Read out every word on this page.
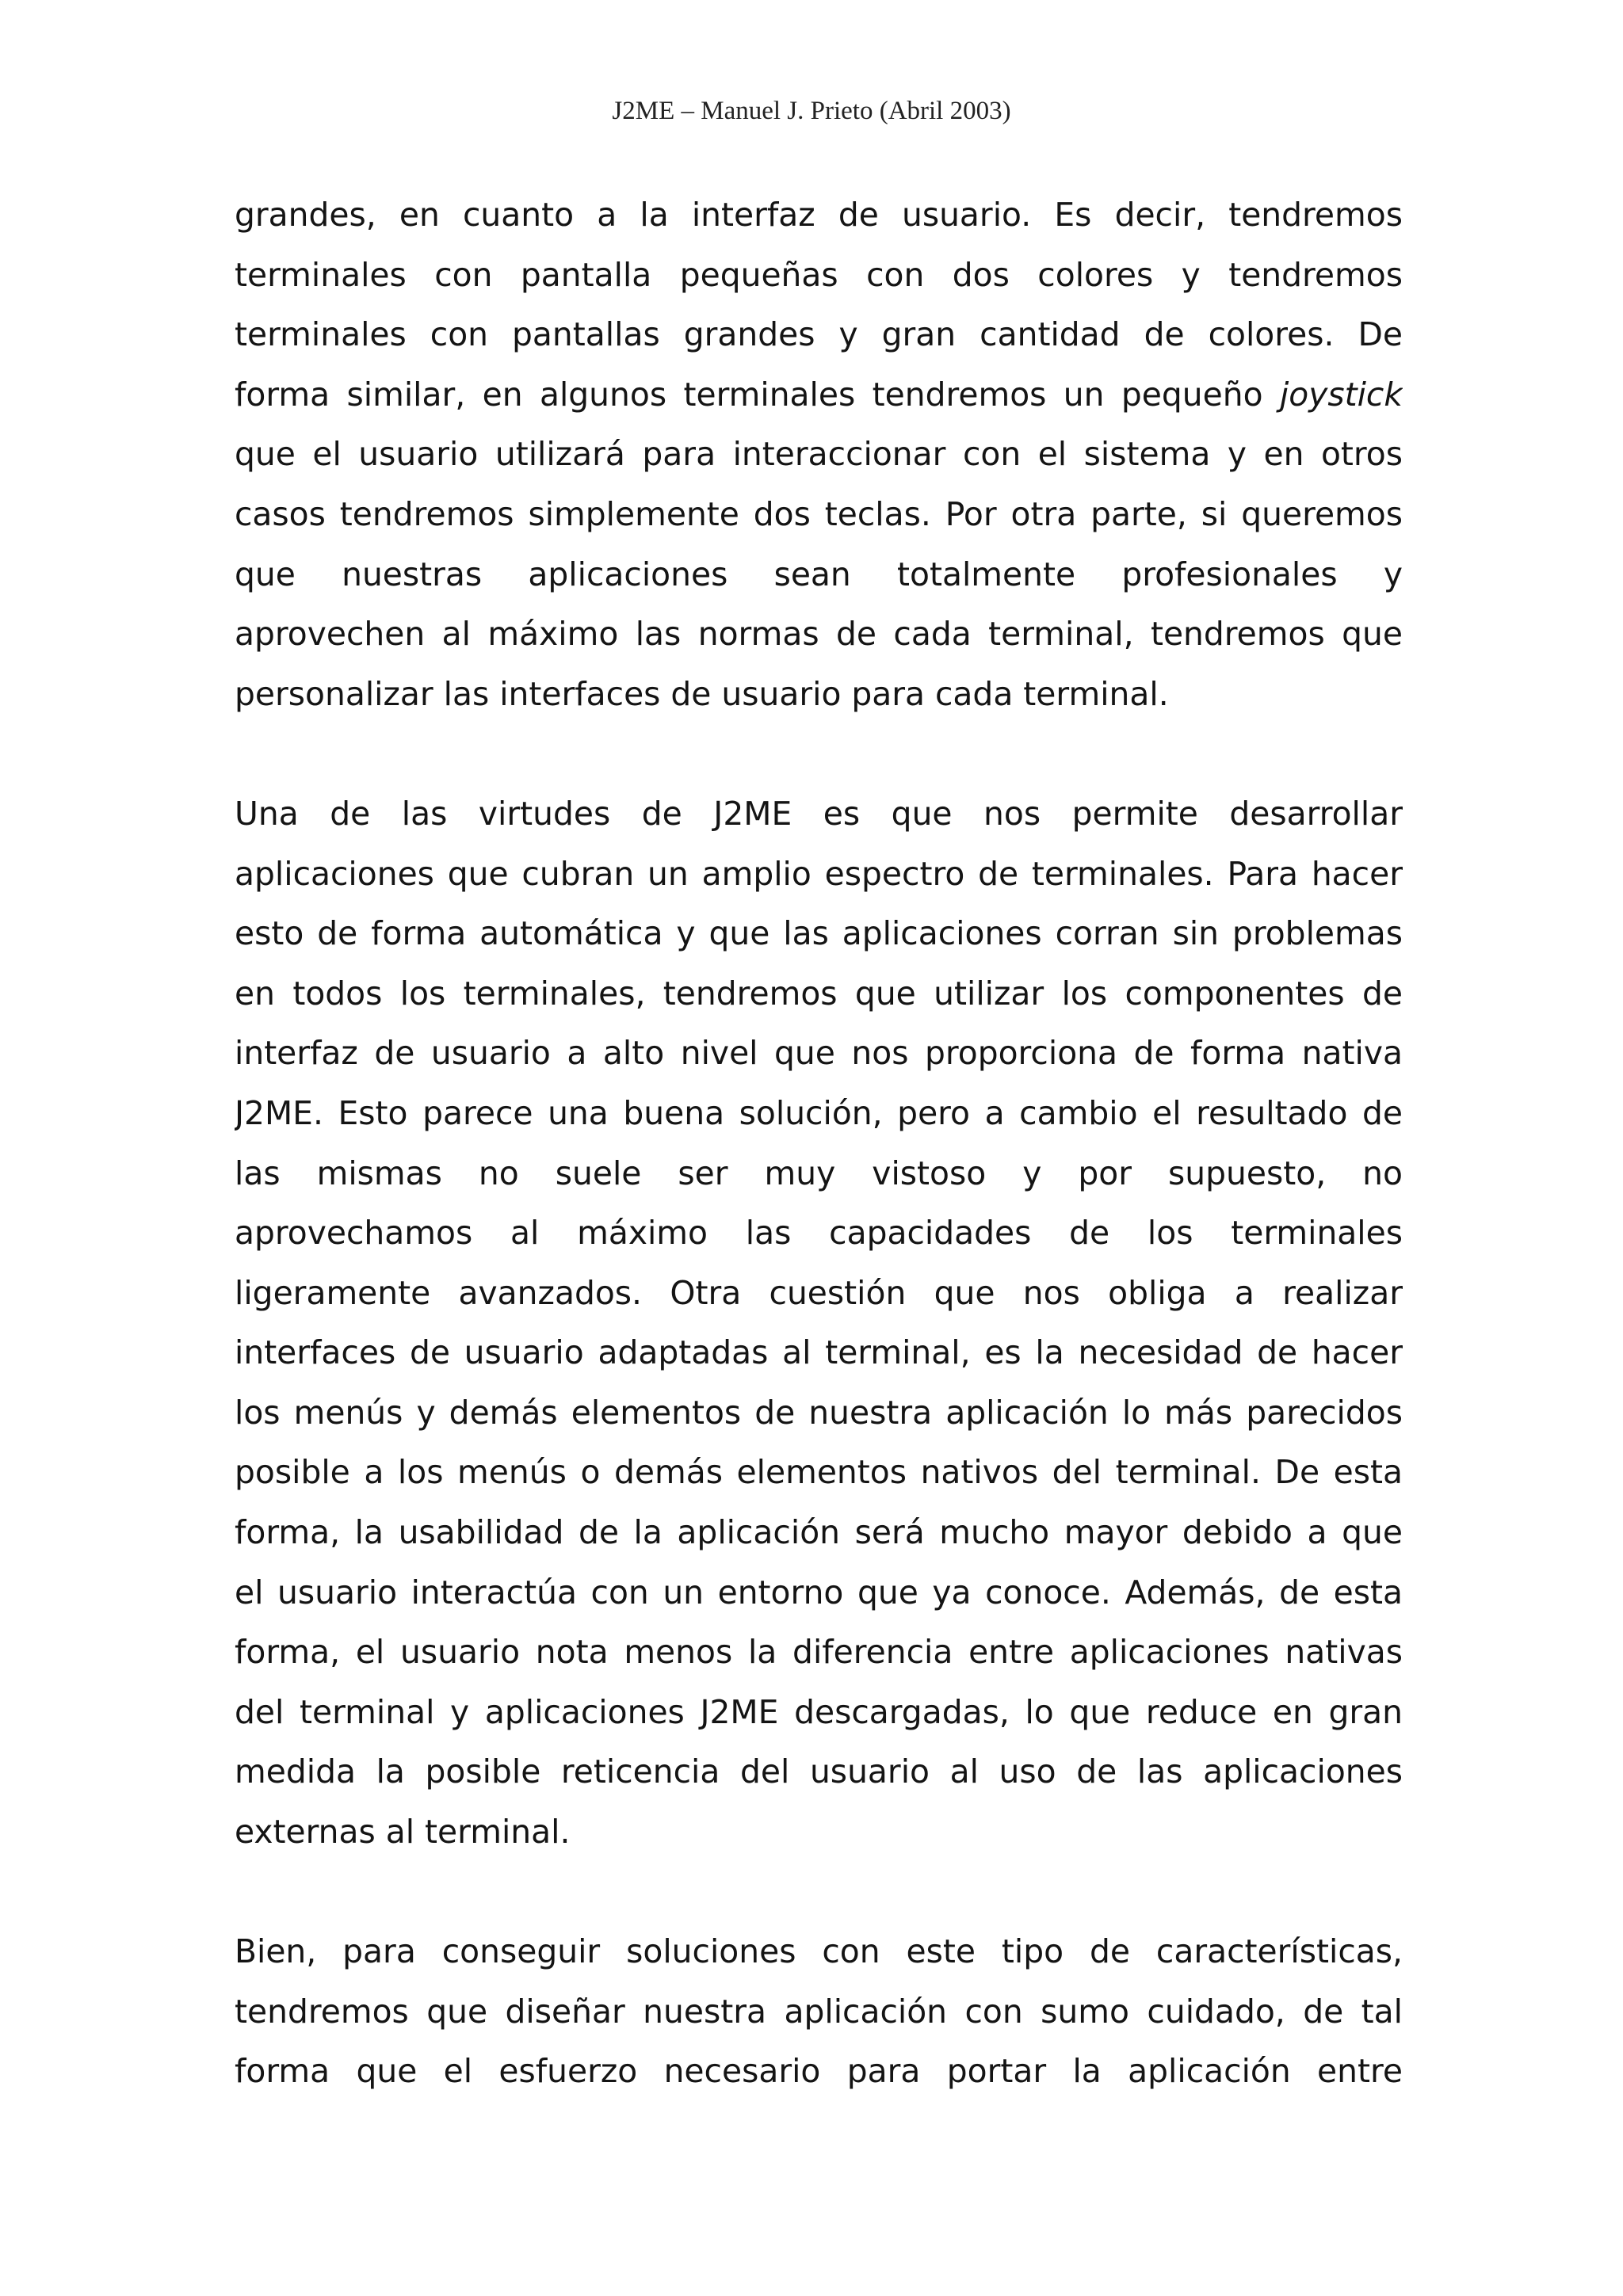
J2ME – Manuel J. Prieto (Abril 2003)

grandes, en cuanto a la interfaz de usuario. Es decir, tendremos
terminales con pantalla pequeñas con dos colores y tendremos
terminales con pantallas grandes y gran cantidad de colores. De
forma similar, en algunos terminales tendremos un pequeño joystick
que el usuario utilizará para interaccionar con el sistema y en otros
casos tendremos simplemente dos teclas. Por otra parte, si queremos
que nuestras aplicaciones sean totalmente profesionales y
aprovechen al máximo las normas de cada terminal, tendremos que
personalizar las interfaces de usuario para cada terminal.

Una de las virtudes de J2ME es que nos permite desarrollar
aplicaciones que cubran un amplio espectro de terminales. Para hacer
esto de forma automática y que las aplicaciones corran sin problemas
en todos los terminales, tendremos que utilizar los componentes de
interfaz de usuario a alto nivel que nos proporciona de forma nativa
J2ME. Esto parece una buena solución, pero a cambio el resultado de
las mismas no suele ser muy vistoso y por supuesto, no
aprovechamos al máximo las capacidades de los terminales
ligeramente avanzados. Otra cuestión que nos obliga a realizar
interfaces de usuario adaptadas al terminal, es la necesidad de hacer
los menús y demás elementos de nuestra aplicación lo más parecidos
posible a los menús o demás elementos nativos del terminal. De esta
forma, la usabilidad de la aplicación será mucho mayor debido a que
el usuario interactúa con un entorno que ya conoce. Además, de esta
forma, el usuario nota menos la diferencia entre aplicaciones nativas
del terminal y aplicaciones J2ME descargadas, lo que reduce en gran
medida la posible reticencia del usuario al uso de las aplicaciones
externas al terminal.

Bien, para conseguir soluciones con este tipo de características,
tendremos que diseñar nuestra aplicación con sumo cuidado, de tal
forma que el esfuerzo necesario para portar la aplicación entre
